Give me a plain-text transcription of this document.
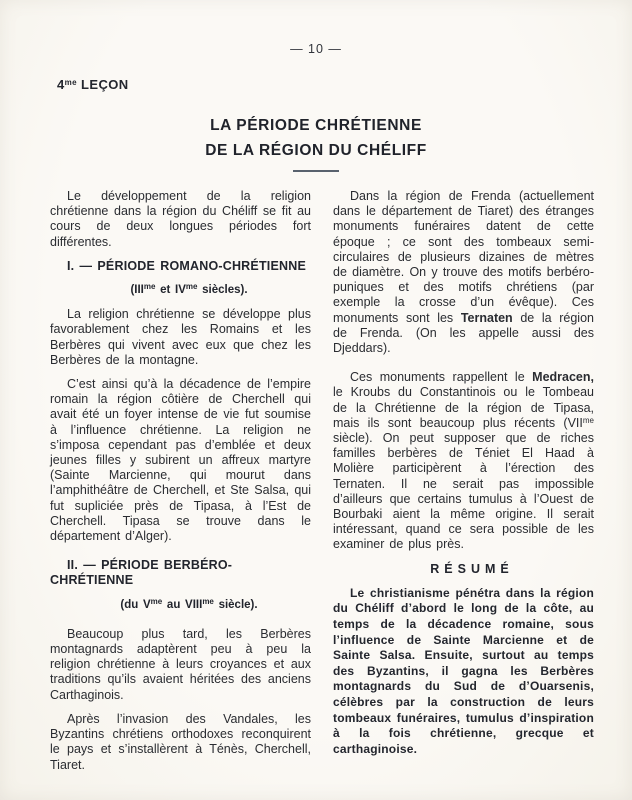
— 10 —
$4^{me}$ LEÇON
LA PÉRIODE CHRÉTIENNE
DE LA RÉGION DU CHÉLIFF

Le développement de la religion chrétienne dans la région du Chéliff se fit au cours de deux longues périodes fort différentes.

I. — PÉRIODE ROMANO-CHRÉTIENNE

($III^{me}$ et $IV^{me}$ siècles).

La religion chrétienne se développe plus favorablement chez les Romains et les Berbères qui vivent avec eux que chez les Berbères de la montagne.

C’est ainsi qu’à la décadence de l’empire romain la région côtière de Cherchell qui avait été un foyer intense de vie fut soumise à l’influence chrétienne. La religion ne s’imposa cependant pas d’emblée et deux jeunes filles y subirent un affreux martyre (Sainte Marcienne, qui mourut dans l’amphithéâtre de Cherchell, et Ste Salsa, qui fut supliciée près de Tipasa, à l’Est de Cherchell. Tipasa se trouve dans le département d’Alger).

II. — PÉRIODE BERBÉRO-CHRÉTIENNE

(du $V^{me}$ au $VIII^{me}$ siècle).

Beaucoup plus tard, les Berbères montagnards adaptèrent peu à peu la religion chrétienne à leurs croyances et aux traditions qu’ils avaient héritées des anciens Carthaginois.

Après l’invasion des Vandales, les Byzantins chrétiens orthodoxes reconquirent le pays et s’installèrent à Ténès, Cherchell, Tiaret.

Dans la région de Frenda (actuellement dans le département de Tiaret) des étranges monuments funéraires datent de cette époque ; ce sont des tombeaux semi-circulaires de plusieurs dizaines de mètres de diamètre. On y trouve des motifs berbéro-puniques et des motifs chrétiens (par exemple la crosse d’un évêque). Ces monuments sont les Ternaten de la région de Frenda. (On les appelle aussi des Djeddars).

Ces monuments rappellent le Medracen, le Kroubs du Constantinois ou le Tombeau de la Chrétienne de la région de Tipasa, mais ils sont beaucoup plus récents ($VII^{me}$ siècle). On peut supposer que de riches familles berbères de Téniet El Haad à Molière participèrent à l’érection des Ternaten. Il ne serait pas impossible d’ailleurs que certains tumulus à l’Ouest de Bourbaki aient la même origine. Il serait intéressant, quand ce sera possible de les examiner de plus près.

RÉSUMÉ

Le christianisme pénétra dans la région du Chéliff d’abord le long de la côte, au temps de la décadence romaine, sous l’influence de Sainte Marcienne et de Sainte Salsa. Ensuite, surtout au temps des Byzantins, il gagna les Berbères montagnards du Sud de d’Ouarsenis, célèbres par la construction de leurs tombeaux funéraires, tumulus d’inspiration à la fois chrétienne, grecque et carthaginoise.
